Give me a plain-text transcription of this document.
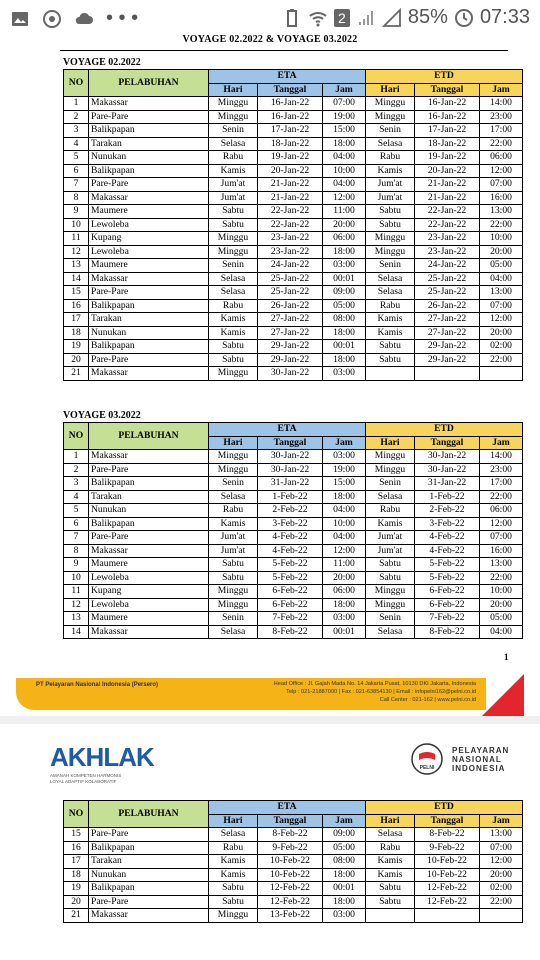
• • •	2	85% 07:33
VOYAGE 02.2022 & VOYAGE 03.2022
VOYAGE 02.2022
NO	PELABUHAN	ETA			ETD		
		Hari	Tanggal	Jam	Hari	Tanggal	Jam
1	Makassar	Minggu	16-Jan-22	07:00	Minggu	16-Jan-22	14:00
2	Pare-Pare	Minggu	16-Jan-22	19:00	Minggu	16-Jan-22	23:00
3	Balikpapan	Senin	17-Jan-22	15:00	Senin	17-Jan-22	17:00
4	Tarakan	Selasa	18-Jan-22	18:00	Selasa	18-Jan-22	22:00
5	Nunukan	Rabu	19-Jan-22	04:00	Rabu	19-Jan-22	06:00
6	Balikpapan	Kamis	20-Jan-22	10:00	Kamis	20-Jan-22	12:00
7	Pare-Pare	Jum'at	21-Jan-22	04:00	Jum'at	21-Jan-22	07:00
8	Makassar	Jum'at	21-Jan-22	12:00	Jum'at	21-Jan-22	16:00
9	Maumere	Sabtu	22-Jan-22	11:00	Sabtu	22-Jan-22	13:00
10	Lewoleba	Sabtu	22-Jan-22	20:00	Sabtu	22-Jan-22	22:00
11	Kupang	Minggu	23-Jan-22	06:00	Minggu	23-Jan-22	10:00
12	Lewoleba	Minggu	23-Jan-22	18:00	Minggu	23-Jan-22	20:00
13	Maumere	Senin	24-Jan-22	03:00	Senin	24-Jan-22	05:00
14	Makassar	Selasa	25-Jan-22	00:01	Selasa	25-Jan-22	04:00
15	Pare-Pare	Selasa	25-Jan-22	09:00	Selasa	25-Jan-22	13:00
16	Balikpapan	Rabu	26-Jan-22	05:00	Rabu	26-Jan-22	07:00
17	Tarakan	Kamis	27-Jan-22	08:00	Kamis	27-Jan-22	12:00
18	Nunukan	Kamis	27-Jan-22	18:00	Kamis	27-Jan-22	20:00
19	Balikpapan	Sabtu	29-Jan-22	00:01	Sabtu	29-Jan-22	02:00
20	Pare-Pare	Sabtu	29-Jan-22	18:00	Sabtu	29-Jan-22	22:00
21	Makassar	Minggu	30-Jan-22	03:00			
VOYAGE 03.2022
NO	PELABUHAN	ETA			ETD		
		Hari	Tanggal	Jam	Hari	Tanggal	Jam
1	Makassar	Minggu	30-Jan-22	03:00	Minggu	30-Jan-22	14:00
2	Pare-Pare	Minggu	30-Jan-22	19:00	Minggu	30-Jan-22	23:00
3	Balikpapan	Senin	31-Jan-22	15:00	Senin	31-Jan-22	17:00
4	Tarakan	Selasa	1-Feb-22	18:00	Selasa	1-Feb-22	22:00
5	Nunukan	Rabu	2-Feb-22	04:00	Rabu	2-Feb-22	06:00
6	Balikpapan	Kamis	3-Feb-22	10:00	Kamis	3-Feb-22	12:00
7	Pare-Pare	Jum'at	4-Feb-22	04:00	Jum'at	4-Feb-22	07:00
8	Makassar	Jum'at	4-Feb-22	12:00	Jum'at	4-Feb-22	16:00
9	Maumere	Sabtu	5-Feb-22	11:00	Sabtu	5-Feb-22	13:00
10	Lewoleba	Sabtu	5-Feb-22	20:00	Sabtu	5-Feb-22	22:00
11	Kupang	Minggu	6-Feb-22	06:00	Minggu	6-Feb-22	10:00
12	Lewoleba	Minggu	6-Feb-22	18:00	Minggu	6-Feb-22	20:00
13	Maumere	Senin	7-Feb-22	03:00	Senin	7-Feb-22	05:00
14	Makassar	Selasa	8-Feb-22	00:01	Selasa	8-Feb-22	04:00
1
PT Pelayaran Nasional Indonesia (Persero)	Head Office : Jl. Gajah Mada No. 14 Jakarta Pusat, 10130 DKI Jakarta, Indonesia
Telp : 021-21887000 | Fax : 021-63854130 | Email : infopelni162@pelni.co.id
Call Center : 021-162 | www.pelni.co.id
AKHLAK
AMANAH KOMPETEN HARMONIS
LOYAL ADAPTIF KOLABORATIF
PELNI
PELAYARAN
NASIONAL
INDONESIA
NO	PELABUHAN	ETA			ETD		
		Hari	Tanggal	Jam	Hari	Tanggal	Jam
15	Pare-Pare	Selasa	8-Feb-22	09:00	Selasa	8-Feb-22	13:00
16	Balikpapan	Rabu	9-Feb-22	05:00	Rabu	9-Feb-22	07:00
17	Tarakan	Kamis	10-Feb-22	08:00	Kamis	10-Feb-22	12:00
18	Nunukan	Kamis	10-Feb-22	18:00	Kamis	10-Feb-22	20:00
19	Balikpapan	Sabtu	12-Feb-22	00:01	Sabtu	12-Feb-22	02:00
20	Pare-Pare	Sabtu	12-Feb-22	18:00	Sabtu	12-Feb-22	22:00
21	Makassar	Minggu	13-Feb-22	03:00			
